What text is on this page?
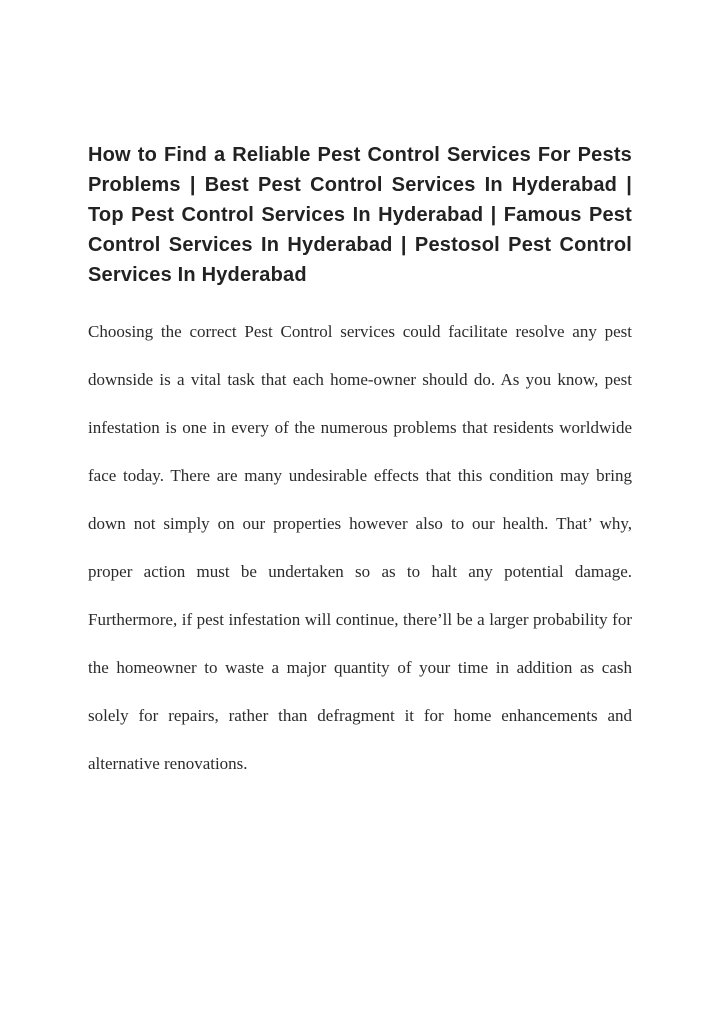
How to Find a Reliable Pest Control Services For Pests Problems | Best Pest Control Services In Hyderabad | Top Pest Control Services In Hyderabad | Famous Pest Control Services In Hyderabad | Pestosol Pest Control Services In Hyderabad

Choosing the correct Pest Control services could facilitate resolve any pest downside is a vital task that each home-owner should do. As you know, pest infestation is one in every of the numerous problems that residents worldwide face today. There are many undesirable effects that this condition may bring down not simply on our properties however also to our health. That’ why, proper action must be undertaken so as to halt any potential damage. Furthermore, if pest infestation will continue, there’ll be a larger probability for the homeowner to waste a major quantity of your time in addition as cash solely for repairs, rather than defragment it for home enhancements and alternative renovations.
